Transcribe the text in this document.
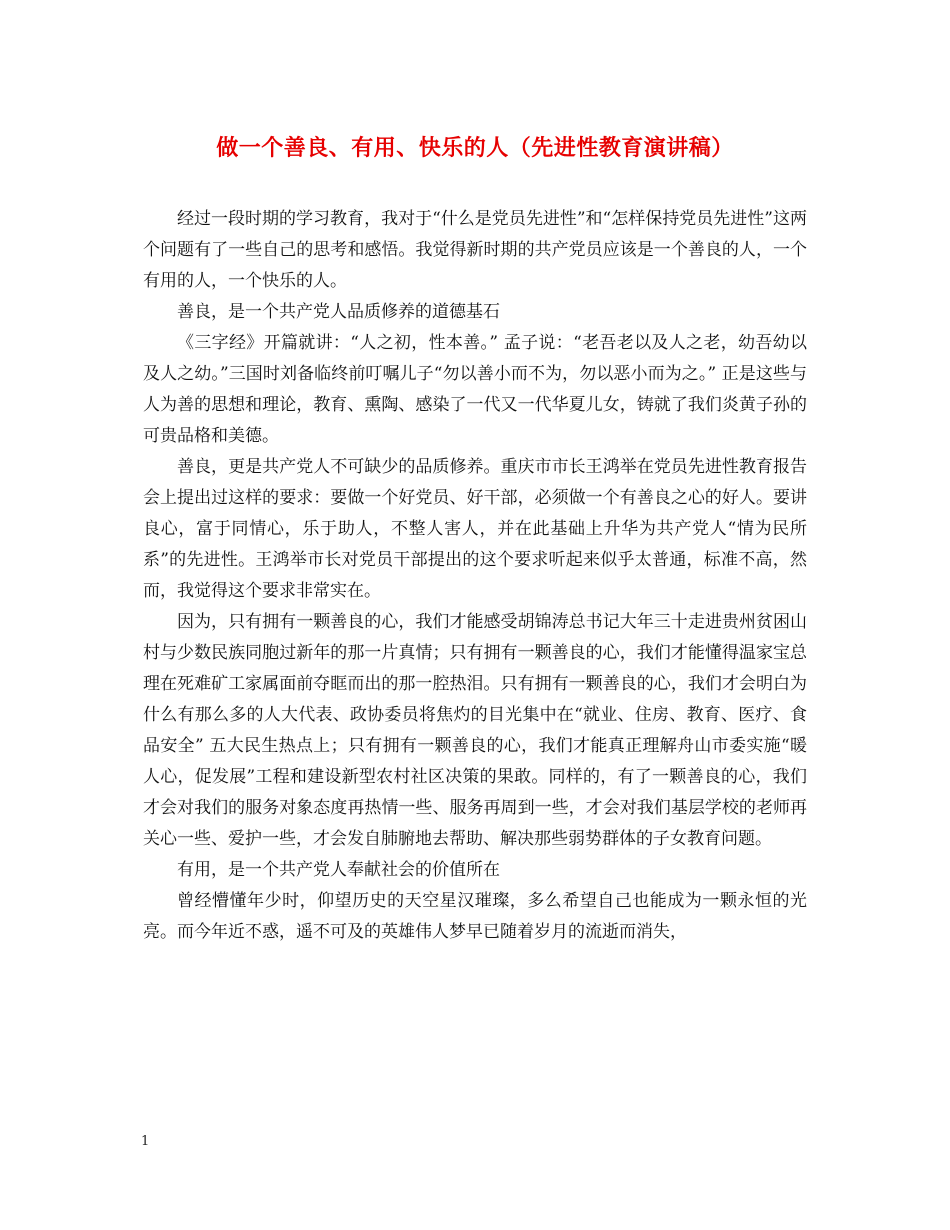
做一个善良、有用、快乐的人（先进性教育演讲稿）

经过一段时期的学习教育，我对于“什么是党员先进性”和“怎样保持党员先进性”这两个问题有了一些自己的思考和感悟。我觉得新时期的共产党员应该是一个善良的人，一个有用的人，一个快乐的人。

善良，是一个共产党人品质修养的道德基石

《三字经》开篇就讲：“人之初，性本善。” 孟子说：“老吾老以及人之老，幼吾幼以及人之幼。”三国时刘备临终前叮嘱儿子“勿以善小而不为，勿以恶小而为之。” 正是这些与人为善的思想和理论，教育、熏陶、感染了一代又一代华夏儿女，铸就了我们炎黄子孙的可贵品格和美德。

善良，更是共产党人不可缺少的品质修养。重庆市市长王鸿举在党员先进性教育报告会上提出过这样的要求：要做一个好党员、好干部，必须做一个有善良之心的好人。要讲良心，富于同情心，乐于助人，不整人害人，并在此基础上升华为共产党人“情为民所系”的先进性。王鸿举市长对党员干部提出的这个要求听起来似乎太普通，标准不高，然而，我觉得这个要求非常实在。

因为，只有拥有一颗善良的心，我们才能感受胡锦涛总书记大年三十走进贵州贫困山村与少数民族同胞过新年的那一片真情；只有拥有一颗善良的心，我们才能懂得温家宝总理在死难矿工家属面前夺眶而出的那一腔热泪。只有拥有一颗善良的心，我们才会明白为什么有那么多的人大代表、政协委员将焦灼的目光集中在“就业、住房、教育、医疗、食品安全” 五大民生热点上；只有拥有一颗善良的心，我们才能真正理解舟山市委实施“暖人心，促发展”工程和建设新型农村社区决策的果敢。同样的，有了一颗善良的心，我们才会对我们的服务对象态度再热情一些、服务再周到一些，才会对我们基层学校的老师再关心一些、爱护一些，才会发自肺腑地去帮助、解决那些弱势群体的子女教育问题。

有用，是一个共产党人奉献社会的价值所在

曾经懵懂年少时，仰望历史的天空星汉璀璨，多么希望自己也能成为一颗永恒的光亮。而今年近不惑，遥不可及的英雄伟人梦早已随着岁月的流逝而消失，

1
